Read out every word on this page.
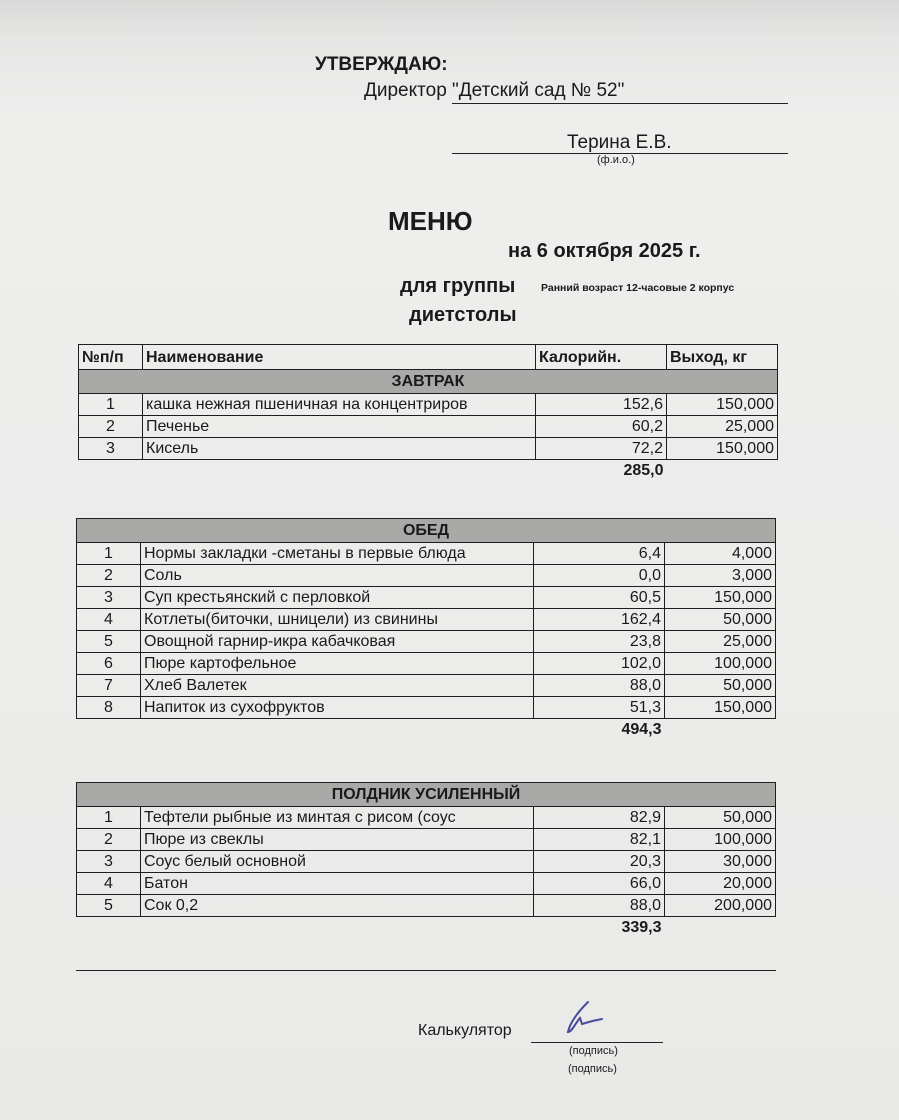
УТВЕРЖДАЮ:
Директор "Детский сад № 52"
Терина Е.В.
(ф.и.о.)
МЕНЮ
на 6 октября 2025 г.
для группы Ранний возраст 12-часовые 2 корпус
диетстолы
№п/п	Наименование	Калорийн.	Выход, кг
ЗАВТРАК			
1	кашка нежная пшеничная на концентриров	152,6	150,000
2	Печенье	60,2	25,000
3	Кисель	72,2	150,000
		285,0	
ОБЕД			
1	Нормы закладки -сметаны в первые блюда	6,4	4,000
2	Соль	0,0	3,000
3	Суп крестьянский с перловкой	60,5	150,000
4	Котлеты(биточки, шницели) из свинины	162,4	50,000
5	Овощной гарнир-икра кабачковая	23,8	25,000
6	Пюре картофельное	102,0	100,000
7	Хлеб Валетек	88,0	50,000
8	Напиток из сухофруктов	51,3	150,000
		494,3	
ПОЛДНИК УСИЛЕННЫЙ			
1	Тефтели рыбные из минтая с рисом (соус	82,9	50,000
2	Пюре из свеклы	82,1	100,000
3	Соус белый основной	20,3	30,000
4	Батон	66,0	20,000
5	Сок 0,2	88,0	200,000
		339,3	
Калькулятор
(подпись)
(подпись)
